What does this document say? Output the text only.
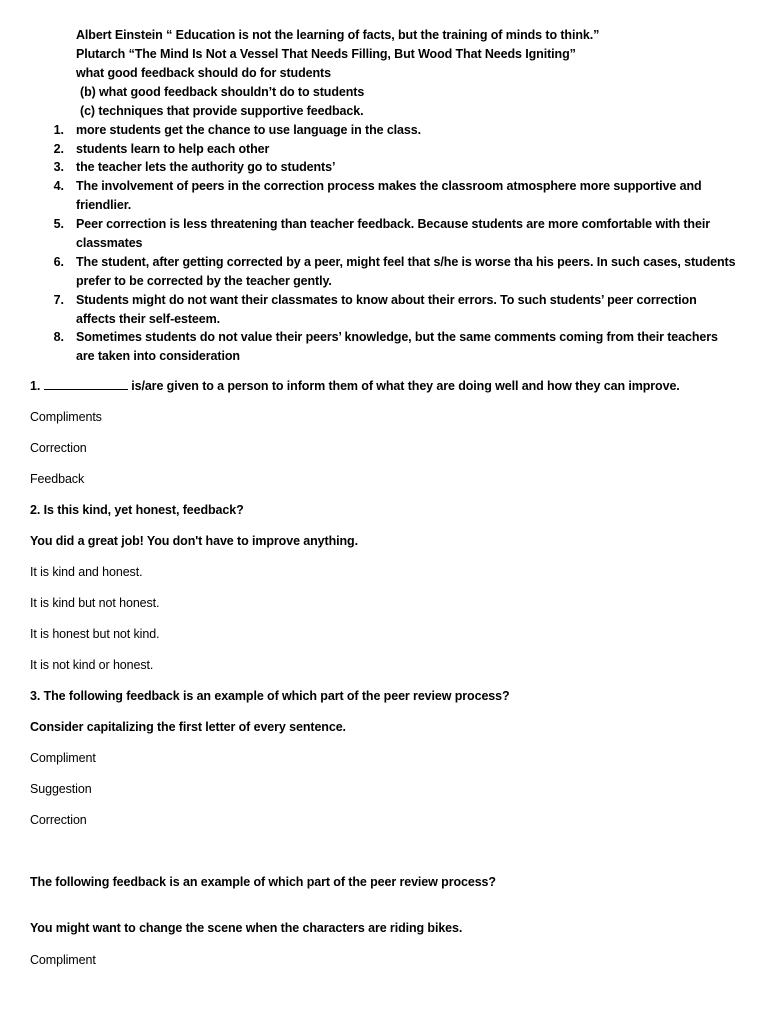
Albert Einstein “ Education is not the learning of facts, but the training of minds to think.”
Plutarch “The Mind Is Not a Vessel That Needs Filling, But Wood That Needs Igniting”
what good feedback should do for students
(b) what good feedback shouldn’t do to students
(c) techniques that provide supportive feedback.
1. more students get the chance to use language in the class.
2. students learn to help each other
3. the teacher lets the authority go to students’
4. The involvement of peers in the correction process makes the classroom atmosphere more supportive and friendlier.
5. Peer correction is less threatening than teacher feedback. Because students are more comfortable with their classmates
6. The student, after getting corrected by a peer, might feel that s/he is worse tha his peers. In such cases, students prefer to be corrected by the teacher gently.
7. Students might do not want their classmates to know about their errors. To such students’ peer correction affects their self-esteem.
8. Sometimes students do not value their peers’ knowledge, but the same comments coming from their teachers are taken into consideration
1.	is/are given to a person to inform them of what they are doing well and how they can improve.
Compliments
Correction
Feedback
2. Is this kind, yet honest, feedback?
You did a great job! You don't have to improve anything.
It is kind and honest.
It is kind but not honest.
It is honest but not kind.
It is not kind or honest.
3. The following feedback is an example of which part of the peer review process?
Consider capitalizing the first letter of every sentence.
Compliment
Suggestion
Correction
The following feedback is an example of which part of the peer review process?
You might want to change the scene when the characters are riding bikes.
Compliment
